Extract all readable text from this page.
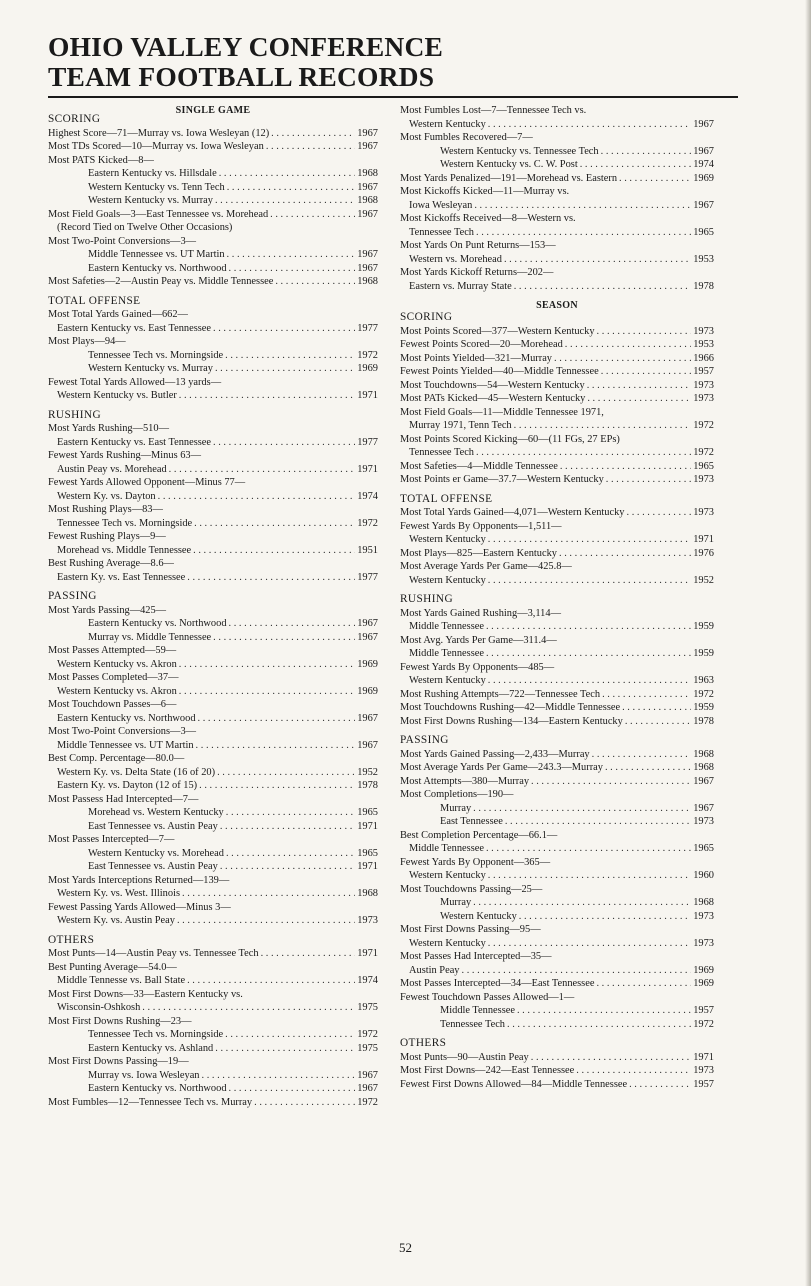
OHIO VALLEY CONFERENCE
TEAM FOOTBALL RECORDS
SINGLE GAME
SCORING
Highest Score—71—Murray vs. Iowa Wesleyan (12) . . .	1967
Most TDs Scored—10—Murray vs. Iowa Wesleyan . . .	1967
Most PATS Kicked—8—
Eastern Kentucky vs. Hillsdale . . .	1968
Western Kentucky vs. Tenn Tech . . .	1967
Western Kentucky vs. Murray . . .	1968
Most Field Goals—3—East Tennessee vs. Morehead . . .	1967
(Record Tied on Twelve Other Occasions)
Most Two-Point Conversions—3—
Middle Tennessee vs. UT Martin . . .	1967
Eastern Kentucky vs. Northwood . . .	1967
Most Safeties—2—Austin Peay vs. Middle Tennessee . . .	1968
TOTAL OFFENSE
Most Total Yards Gained—662—
Eastern Kentucky vs. East Tennessee . . .	1977
Most Plays—94—
Tennessee Tech vs. Morningside . . .	1972
Western Kentucky vs. Murray . . .	1969
Fewest Total Yards Allowed—13 yards—
Western Kentucky vs. Butler . . .	1971
RUSHING
Most Yards Rushing—510—
Eastern Kentucky vs. East Tennessee . . .	1977
Fewest Yards Rushing—Minus 63—
Austin Peay vs. Morehead . . .	1971
Fewest Yards Allowed Opponent—Minus 77—
Western Ky. vs. Dayton . . .	1974
Most Rushing Plays—83—
Tennessee Tech vs. Morningside . . .	1972
Fewest Rushing Plays—9—
Morehead vs. Middle Tennessee . . .	1951
Best Rushing Average—8.6—
Eastern Ky. vs. East Tennessee . . .	1977
PASSING
Most Yards Passing—425—
Eastern Kentucky vs. Northwood . . .	1967
Murray vs. Middle Tennessee . . .	1967
Most Passes Attempted—59—
Western Kentucky vs. Akron . . .	1969
Most Passes Completed—37—
Western Kentucky vs. Akron . . .	1969
Most Touchdown Passes—6—
Eastern Kentucky vs. Northwood . . .	1967
Most Two-Point Conversions—3—
Middle Tennessee vs. UT Martin . . .	1967
Best Comp. Percentage—80.0—
Western Ky. vs. Delta State (16 of 20) . . .	1952
Eastern Ky. vs. Dayton (12 of 15) . . .	1978
Most Passess Had Intercepted—7—
Morehead vs. Western Kentucky . . .	1965
East Tennessee vs. Austin Peay . . .	1971
Most Passes Intercepted—7—
Western Kentucky vs. Morehead . . .	1965
East Tennessee vs. Austin Peay . . .	1971
Most Yards Interceptions Returned—139—
Western Ky. vs. West. Illinois . . .	1968
Fewest Passing Yards Allowed—Minus 3—
Western Ky. vs. Austin Peay . . .	1973
OTHERS
Most Punts—14—Austin Peay vs. Tennessee Tech . . .	1971
Best Punting Average—54.0—
Middle Tennesse vs. Ball State . . .	1974
Most First Downs—33—Eastern Kentucky vs.
Wisconsin-Oshkosh . . .	1975
Most First Downs Rushing—23—
Tennessee Tech vs. Morningside . . .	1972
Eastern Kentucky vs. Ashland . . .	1975
Most First Downs Passing—19—
Murray vs. Iowa Wesleyan . . .	1967
Eastern Kentucky vs. Northwood . . .	1967
Most Fumbles—12—Tennessee Tech vs. Murray . . .	1972
Most Fumbles Lost—7—Tennessee Tech vs.
Western Kentucky . . .	1967
Most Fumbles Recovered—7—
Western Kentucky vs. Tennessee Tech . . .	1967
Western Kentucky vs. C. W. Post . . .	1974
Most Yards Penalized—191—Morehead vs. Eastern . . .	1969
Most Kickoffs Kicked—11—Murray vs.
Iowa Wesleyan . . .	1967
Most Kickoffs Received—8—Western vs.
Tennessee Tech . . .	1965
Most Yards On Punt Returns—153—
Western vs. Morehead . . .	1953
Most Yards Kickoff Returns—202—
Eastern vs. Murray State . . .	1978
SEASON
SCORING
Most Points Scored—377—Western Kentucky . . .	1973
Fewest Points Scored—20—Morehead . . .	1953
Most Points Yielded—321—Murray . . .	1966
Fewest Points Yielded—40—Middle Tennessee . . .	1957
Most Touchdowns—54—Western Kentucky . . .	1973
Most PATs Kicked—45—Western Kentucky . . .	1973
Most Field Goals—11—Middle Tennessee 1971,
Murray 1971, Tenn Tech . . .	1972
Most Points Scored Kicking—60—(11 FGs, 27 EPs)
Tennessee Tech . . .	1972
Most Safeties—4—Middle Tennessee . . .	1965
Most Points er Game—37.7—Western Kentucky . . .	1973
TOTAL OFFENSE
Most Total Yards Gained—4,071—Western Kentucky . . .	1973
Fewest Yards By Opponents—1,511—
Western Kentucky . . .	1971
Most Plays—825—Eastern Kentucky . . .	1976
Most Average Yards Per Game—425.8—
Western Kentucky . . .	1952
RUSHING
Most Yards Gained Rushing—3,114—
Middle Tennessee . . .	1959
Most Avg. Yards Per Game—311.4—
Middle Tennessee . . .	1959
Fewest Yards By Opponents—485—
Western Kentucky . . .	1963
Most Rushing Attempts—722—Tennessee Tech . . .	1972
Most Touchdowns Rushing—42—Middle Tennessee . . .	1959
Most First Downs Rushing—134—Eastern Kentucky . . .	1978
PASSING
Most Yards Gained Passing—2,433—Murray . . .	1968
Most Average Yards Per Game—243.3—Murray . . .	1968
Most Attempts—380—Murray . . .	1967
Most Completions—190—
Murray . . .	1967
East Tennessee . . .	1973
Best Completion Percentage—66.1—
Middle Tennessee . . .	1965
Fewest Yards By Opponent—365—
Western Kentucky . . .	1960
Most Touchdowns Passing—25—
Murray . . .	1968
Western Kentucky . . .	1973
Most First Downs Passing—95—
Western Kentucky . . .	1973
Most Passes Had Intercepted—35—
Austin Peay . . .	1969
Most Passes Intercepted—34—East Tennessee . . .	1969
Fewest Touchdown Passes Allowed—1—
Middle Tennessee . . .	1957
Tennessee Tech . . .	1972
OTHERS
Most Punts—90—Austin Peay . . .	1971
Most First Downs—242—East Tennessee . . .	1973
Fewest First Downs Allowed—84—Middle Tennessee . . .	1957
52
